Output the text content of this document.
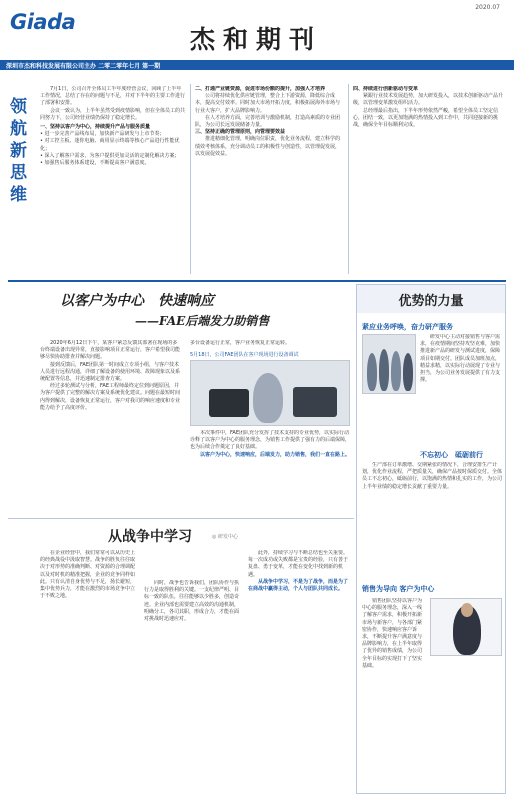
Giada
2020.07
杰和期刊
深圳市杰和科技发展有限公司主办 二零二零年七月 第一期
领航新思维

7月1日，公司召开全体员工半年度经营会议，回顾了上半年工作情况，总结了存在的问题与不足，并对下半年的主要工作进行了部署和安排。

会议一致认为，上半年虽然受到疫情影响，但在全体员工的共同努力下，公司经营业绩仍保持了稳定增长。

一、坚持以客户为中心，持续提升产品与服务质量

• 进一步完善产品线布局，加快新产品研发与上市节奏；

• 对工控主板、迷你电脑、商用显示终端等核心产品进行性能优化；

• 深入了解客户需求，为客户提供更加灵活的定制化解决方案；

• 加强售后服务体系建设，不断提高客户满意度。

二、打通产业链资源，促进市场份额的提升，加强人才培养

公司将持续优化供应链管理，整合上下游资源，降低综合成本，提高交付效率。同时加大市场开拓力度，积极拓展海外市场与行业大客户，扩大品牌影响力。

在人才培养方面，完善培训与激励机制，打造高素质的专业团队，为公司长远发展储备力量。

三、坚持正确的管理原则，向管理要效益

推进精细化管理，明确岗位职责，优化业务流程，建立科学的绩效考核体系，充分调动员工的积极性与创造性，以管理促发展，以发展促效益。

四、持续进行创新驱动与变革

紧跟行业技术发展趋势，加大研发投入，以技术创新驱动产品升级，以管理变革激发组织活力。

总经理最后指出，下半年形势依然严峻，希望全体员工坚定信心，团结一致，以更加饱满的热情投入到工作中，共同迎接新的挑战，确保全年目标顺利完成。

以客户为中心　快速响应
——FAE后端发力助销售

2020年6月12日下午，某客户紧急反馈其部署在现场的多台终端设备出现异常，直接影响项目正常运行，客户希望我司能够尽快协助排查并解决问题。

接到反馈后，FAE团队第一时间成立专项小组，与客户技术人员进行远程沟通，详细了解设备的使用环境、故障现象以及系统配置等信息，并迅速制定排查方案。

经过多轮测试与分析，FAE工程师最终定位到问题原因，并为客户提供了完整的解决方案及系统优化建议。问题在最短时间内得到解决，设备恢复正常运行，客户对我司的响应速度和专业能力给予了高度评价。

多台设备运行正常，客户业务恢复正常运转。

5月18日，公司FAE团队在客户现场进行设备调试

本次事件中，FAE团队充分发挥了技术支持的专业优势，以实际行动诠释了以客户为中心的服务理念，为销售工作提供了强有力的后端保障，也为后续合作奠定了良好基础。

以客户为中心，快速响应，后端发力，助力销售，我们一直在路上。

从战争中学习	◎ 研发中心

在企业经营中，我们常常可以从历史上的经典战役中汲取智慧。战争的胜负往往取决于对形势的准确判断、对资源的合理调配以及对时机的精准把握，企业的竞争同样如此。只有认清自身优势与不足，扬长避短，集中优势兵力，才能在激烈的市场竞争中立于不败之地。

同时，战争也告诉我们，团队协作与执行力是取得胜利的关键。一支纪律严明、目标一致的队伍，往往能够以少胜多，创造奇迹。企业内部也需要建立高效的沟通机制，明确分工，各司其职，形成合力，才能在面对挑战时迅速应对。

此外，持续学习与不断总结也至关重要。每一次成功或失败都是宝贵的经验，只有善于复盘、勇于变革，才能在变化中找到新的机遇。

从战争中学习，不是为了战争，而是为了在商战中赢得主动，个人与团队共同成长。

优势的力量
紧应业务呼唤，奋力研产服务

研发中心主动对接销售与客户需求，在疫情期间坚持攻坚克难，加快推进新产品的研发与测试进度，保障项目如期交付。团队成员加班加点，精益求精，以实际行动展现了专业与担当，为公司业务发展提供了有力支撑。

不忘初心　砥砺前行

生产部在订单激增、交期紧张的情况下，合理安排生产计划，优化作业流程，严把质量关，确保产品按时保质交付。全体员工不忘初心，砥砺前行，以饱满的热情和扎实的工作，为公司上半年业绩的稳定增长贡献了重要力量。

销售为导向 客户为中心

销售团队坚持以客户为中心的服务理念，深入一线了解客户需求，积极开拓新市场与新客户，与各部门紧密协作，快速响应客户诉求，不断提升客户满意度与品牌影响力，在上半年取得了优异的销售成绩，为公司全年目标的实现打下了坚实基础。
